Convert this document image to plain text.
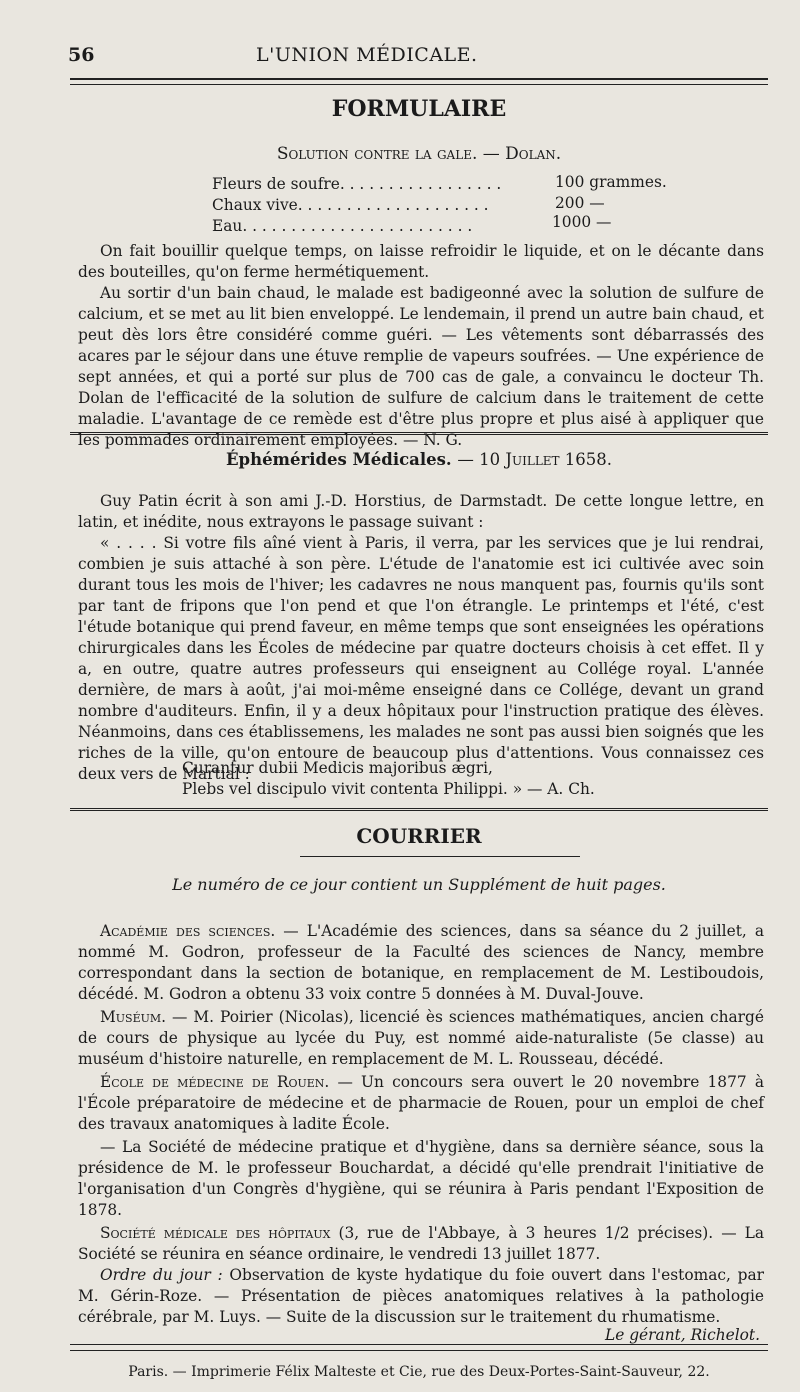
56	L'UNION MÉDICALE.
FORMULAIRE
Solution contre la gale. — Dolan.
Fleurs de soufre. . . . . . . . . . . . . . . . .	100 grammes.
Chaux vive. . . . . . . . . . . . . . . . . . . .	200 —
Eau. . . . . . . . . . . . . . . . . . . . . . . .	1000 —

On fait bouillir quelque temps, on laisse refroidir le liquide, et on le décante dans des bouteilles, qu'on ferme hermétiquement.

Au sortir d'un bain chaud, le malade est badigeonné avec la solution de sulfure de calcium, et se met au lit bien enveloppé. Le lendemain, il prend un autre bain chaud, et peut dès lors être considéré comme guéri. — Les vêtements sont débarrassés des acares par le séjour dans une étuve remplie de vapeurs soufrées. — Une expérience de sept années, et qui a porté sur plus de 700 cas de gale, a convaincu le docteur Th. Dolan de l'efficacité de la solution de sulfure de calcium dans le traitement de cette maladie. L'avantage de ce remède est d'être plus propre et plus aisé à appliquer que les pommades ordinairement employées. — N. G.

Éphémérides Médicales. — 10 Juillet 1658.

Guy Patin écrit à son ami J.-D. Horstius, de Darmstadt. De cette longue lettre, en latin, et inédite, nous extrayons le passage suivant :

« . . . . Si votre fils aîné vient à Paris, il verra, par les services que je lui rendrai, combien je suis attaché à son père. L'étude de l'anatomie est ici cultivée avec soin durant tous les mois de l'hiver; les cadavres ne nous manquent pas, fournis qu'ils sont par tant de fripons que l'on pend et que l'on étrangle. Le printemps et l'été, c'est l'étude botanique qui prend faveur, en même temps que sont enseignées les opérations chirurgicales dans les Écoles de médecine par quatre docteurs choisis à cet effet. Il y a, en outre, quatre autres professeurs qui enseignent au Collége royal. L'année dernière, de mars à août, j'ai moi-même enseigné dans ce Collége, devant un grand nombre d'auditeurs. Enfin, il y a deux hôpitaux pour l'instruction pratique des élèves. Néanmoins, dans ces établissemens, les malades ne sont pas aussi bien soignés que les riches de la ville, qu'on entoure de beaucoup plus d'attentions. Vous connaissez ces deux vers de Martial :

Curantur dubii Medicis majoribus ægri,
Plebs vel discipulo vivit contenta Philippi. » — A. Ch.
COURRIER
Le numéro de ce jour contient un Supplément de huit pages.

Académie des sciences. — L'Académie des sciences, dans sa séance du 2 juillet, a nommé M. Godron, professeur de la Faculté des sciences de Nancy, membre correspondant dans la section de botanique, en remplacement de M. Lestiboudois, décédé. M. Godron a obtenu 33 voix contre 5 données à M. Duval-Jouve.

Muséum. — M. Poirier (Nicolas), licencié ès sciences mathématiques, ancien chargé de cours de physique au lycée du Puy, est nommé aide-naturaliste (5e classe) au muséum d'histoire naturelle, en remplacement de M. L. Rousseau, décédé.

École de médecine de Rouen. — Un concours sera ouvert le 20 novembre 1877 à l'École préparatoire de médecine et de pharmacie de Rouen, pour un emploi de chef des travaux anatomiques à ladite École.

— La Société de médecine pratique et d'hygiène, dans sa dernière séance, sous la présidence de M. le professeur Bouchardat, a décidé qu'elle prendrait l'initiative de l'organisation d'un Congrès d'hygiène, qui se réunira à Paris pendant l'Exposition de 1878.

Société médicale des hôpitaux (3, rue de l'Abbaye, à 3 heures 1/2 précises). — La Société se réunira en séance ordinaire, le vendredi 13 juillet 1877.

Ordre du jour : Observation de kyste hydatique du foie ouvert dans l'estomac, par M. Gérin-Roze. — Présentation de pièces anatomiques relatives à la pathologie cérébrale, par M. Luys. — Suite de la discussion sur le traitement du rhumatisme.

Le gérant, Richelot.
Paris. — Imprimerie Félix Malteste et Cie, rue des Deux-Portes-Saint-Sauveur, 22.
